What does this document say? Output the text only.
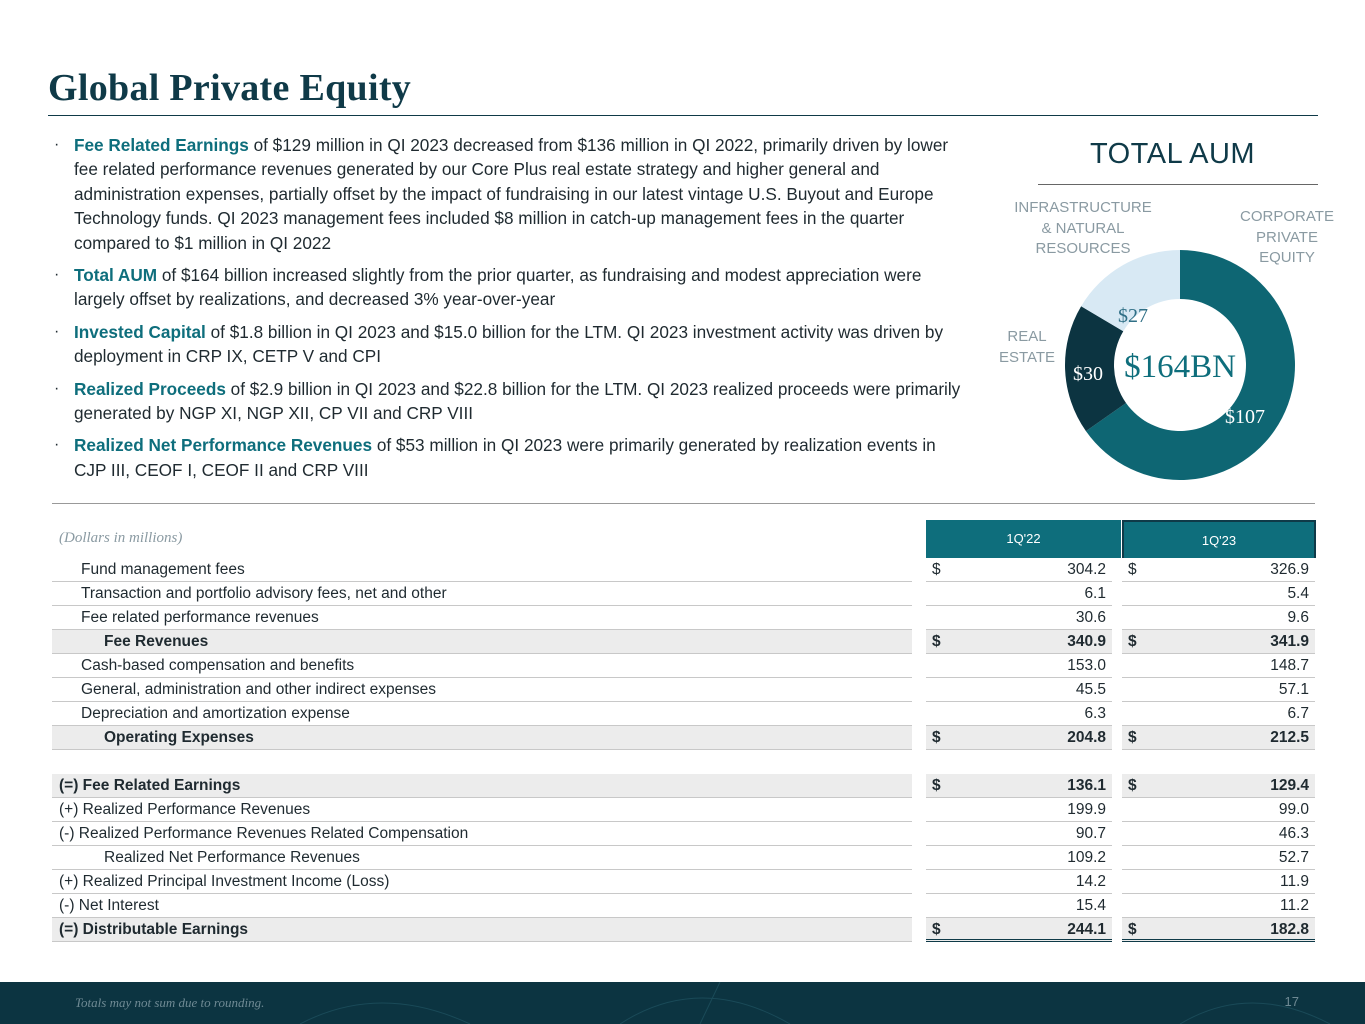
Global Private Equity
· Fee Related Earnings of $129 million in QI 2023 decreased from $136 million in QI 2022, primarily driven by lower fee related performance revenues generated by our Core Plus real estate strategy and higher general and administration expenses, partially offset by the impact of fundraising in our latest vintage U.S. Buyout and Europe Technology funds. QI 2023 management fees included $8 million in catch-up management fees in the quarter compared to $1 million in QI 2022
· Total AUM of $164 billion increased slightly from the prior quarter, as fundraising and modest appreciation were largely offset by realizations, and decreased 3% year-over-year
· Invested Capital of $1.8 billion in QI 2023 and $15.0 billion for the LTM. QI 2023 investment activity was driven by deployment in CRP IX, CETP V and CPI
· Realized Proceeds of $2.9 billion in QI 2023 and $22.8 billion for the LTM. QI 2023 realized proceeds were primarily generated by NGP XI, NGP XII, CP VII and CRP VIII
· Realized Net Performance Revenues of $53 million in QI 2023 were primarily generated by realization events in CJP III, CEOF I, CEOF II and CRP VIII
TOTAL AUM
INFRASTRUCTURE & NATURAL RESOURCES
CORPORATE PRIVATE EQUITY
REAL ESTATE
$107
$30
$27
$164BN
(Dollars in millions)	1Q'22	1Q'23
Fund management fees	$	304.2 $	326.9
Transaction and portfolio advisory fees, net and other	6.1	5.4
Fee related performance revenues	30.6	9.6
Fee Revenues	$	340.9 $	341.9
Cash-based compensation and benefits	153.0	148.7
General, administration and other indirect expenses	45.5	57.1
Depreciation and amortization expense	6.3	6.7
Operating Expenses	$	204.8 $	212.5
(=) Fee Related Earnings	$	136.1 $	129.4
(+) Realized Performance Revenues	199.9	99.0
(-) Realized Performance Revenues Related Compensation	90.7	46.3
Realized Net Performance Revenues	109.2	52.7
(+) Realized Principal Investment Income (Loss)	14.2	11.9
(-) Net Interest	15.4	11.2
(=) Distributable Earnings	$	244.1 $	182.8
Totals may not sum due to rounding.	17
